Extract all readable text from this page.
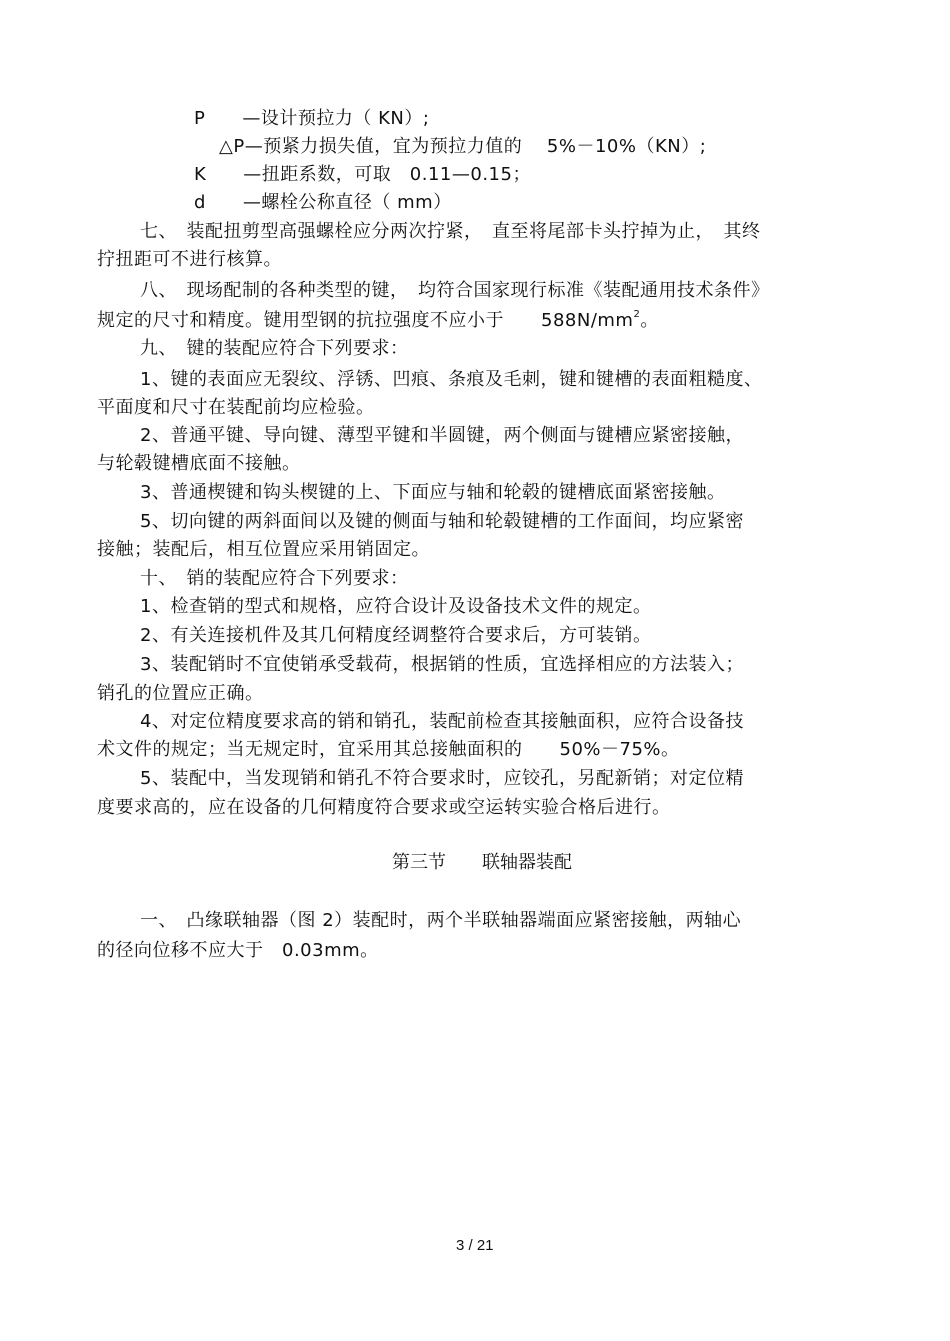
P　　—设计预拉力（ KN）;
△P—预紧力损失值，宜为预拉力值的　 5%－10%（KN）;
K　　—扭距系数，可取　0.11—0.15；
d　　—螺栓公称直径（ mm）
七、　装配扭剪型高强螺栓应分两次拧紧，　直至将尾部卡头拧掉为止，　其终
拧扭距可不进行核算。
八、　现场配制的各种类型的键，　均符合国家现行标准《装配通用技术条件》
规定的尺寸和精度。键用型钢的抗拉强度不应小于　　$588N/mm^2$。
九、　键的装配应符合下列要求：
1、键的表面应无裂纹、浮锈、凹痕、条痕及毛刺，键和键槽的表面粗糙度、
平面度和尺寸在装配前均应检验。
2、普通平键、导向键、薄型平键和半圆键，两个侧面与键槽应紧密接触，
与轮毂键槽底面不接触。
3、普通楔键和钩头楔键的上、下面应与轴和轮毂的键槽底面紧密接触。
5、切向键的两斜面间以及键的侧面与轴和轮毂键槽的工作面间，均应紧密
接触；装配后，相互位置应采用销固定。
十、　销的装配应符合下列要求：
1、检查销的型式和规格，应符合设计及设备技术文件的规定。
2、有关连接机件及其几何精度经调整符合要求后，方可装销。
3、装配销时不宜使销承受载荷，根据销的性质，宜选择相应的方法装入；
销孔的位置应正确。
4、对定位精度要求高的销和销孔，装配前检查其接触面积，应符合设备技
术文件的规定；当无规定时，宜采用其总接触面积的　　50%－75%。
5、装配中，当发现销和销孔不符合要求时，应铰孔，另配新销；对定位精
度要求高的，应在设备的几何精度符合要求或空运转实验合格后进行。
第三节　　联轴器装配
一、　凸缘联轴器（图 2）装配时，两个半联轴器端面应紧密接触，两轴心
的径向位移不应大于　0.03mm。
3 / 21
